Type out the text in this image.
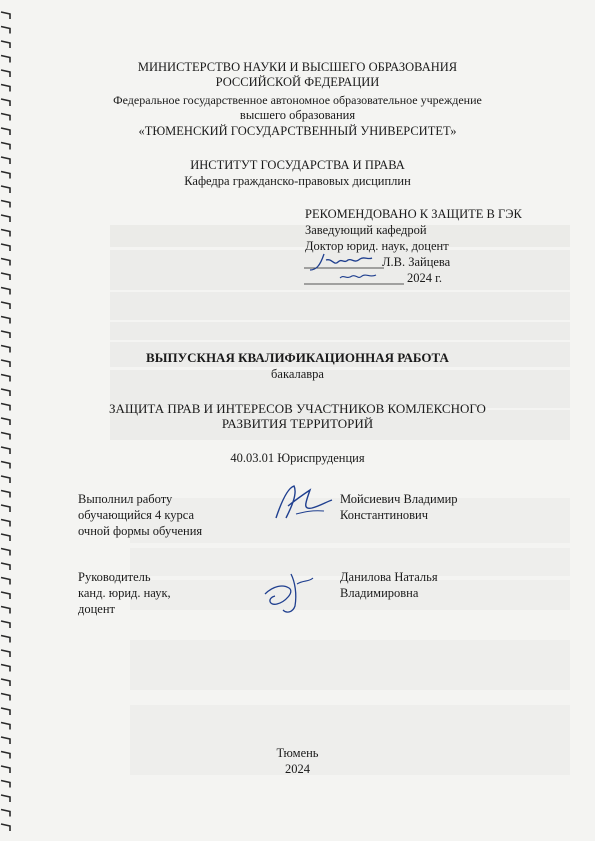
МИНИСТЕРСТВО НАУКИ И ВЫСШЕГО ОБРАЗОВАНИЯ
РОССИЙСКОЙ ФЕДЕРАЦИИ
Федеральное государственное автономное образовательное учреждение
высшего образования
«ТЮМЕНСКИЙ ГОСУДАРСТВЕННЫЙ УНИВЕРСИТЕТ»
ИНСТИТУТ ГОСУДАРСТВА И ПРАВА
Кафедра гражданско-правовых дисциплин
РЕКОМЕНДОВАНО К ЗАЩИТЕ В ГЭК
Заведующий кафедрой
Доктор юрид. наук, доцент
Л.В. Зайцева
2024 г.
ВЫПУСКНАЯ КВАЛИФИКАЦИОННАЯ РАБОТА
бакалавра
ЗАЩИТА ПРАВ И ИНТЕРЕСОВ УЧАСТНИКОВ КОМЛЕКСНОГО
РАЗВИТИЯ ТЕРРИТОРИЙ
40.03.01 Юриспруденция
Выполнил работу
обучающийся 4 курса
очной формы обучения
Мойсиевич Владимир
Константинович
Руководитель
канд. юрид. наук,
доцент
Данилова Наталья
Владимировна
Тюмень
2024
